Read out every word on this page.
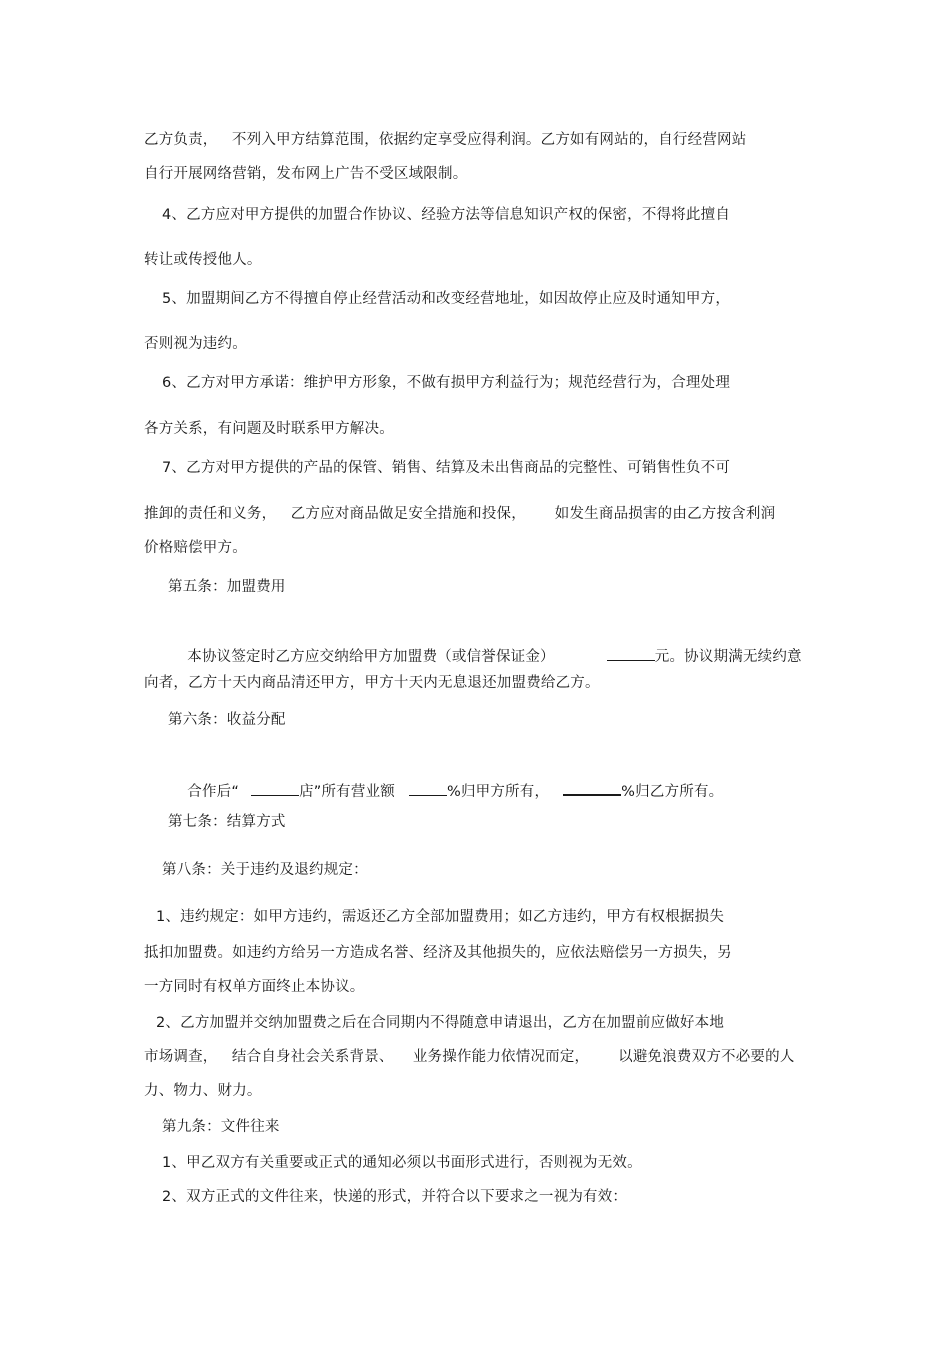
乙方负责，   不列入甲方结算范围，依据约定享受应得利润。乙方如有网站的，自行经营网站
自行开展网络营销，发布网上广告不受区域限制。
4、乙方应对甲方提供的加盟合作协议、经验方法等信息知识产权的保密，不得将此擅自
转让或传授他人。
5、加盟期间乙方不得擅自停止经营活动和改变经营地址，如因故停止应及时通知甲方，
否则视为违约。
6、乙方对甲方承诺：维护甲方形象，不做有损甲方利益行为；规范经营行为，合理处理
各方关系，有问题及时联系甲方解决。
7、乙方对甲方提供的产品的保管、销售、结算及未出售商品的完整性、可销售性负不可
推卸的责任和义务，   乙方应对商品做足安全措施和投保，      如发生商品损害的由乙方按含利润
价格赔偿甲方。
第五条：加盟费用

本协议签定时乙方应交纳给甲方加盟费（或信誉保证金）	元。协议期满无续约意

向者，乙方十天内商品清还甲方，甲方十天内无息退还加盟费给乙方。
第六条：收益分配

合作后“	店”所有营业额	%归甲方所有，	%归乙方所有。

第七条：结算方式
第八条：关于违约及退约规定：
1、违约规定：如甲方违约，需返还乙方全部加盟费用；如乙方违约，甲方有权根据损失
抵扣加盟费。如违约方给另一方造成名誉、经济及其他损失的，应依法赔偿另一方损失，另
一方同时有权单方面终止本协议。
2、乙方加盟并交纳加盟费之后在合同期内不得随意申请退出，乙方在加盟前应做好本地
市场调查，   结合自身社会关系背景、    业务操作能力依情况而定，      以避免浪费双方不必要的人
力、物力、财力。
第九条：文件往来
1、甲乙双方有关重要或正式的通知必须以书面形式进行，否则视为无效。
2、双方正式的文件往来，快递的形式，并符合以下要求之一视为有效：
